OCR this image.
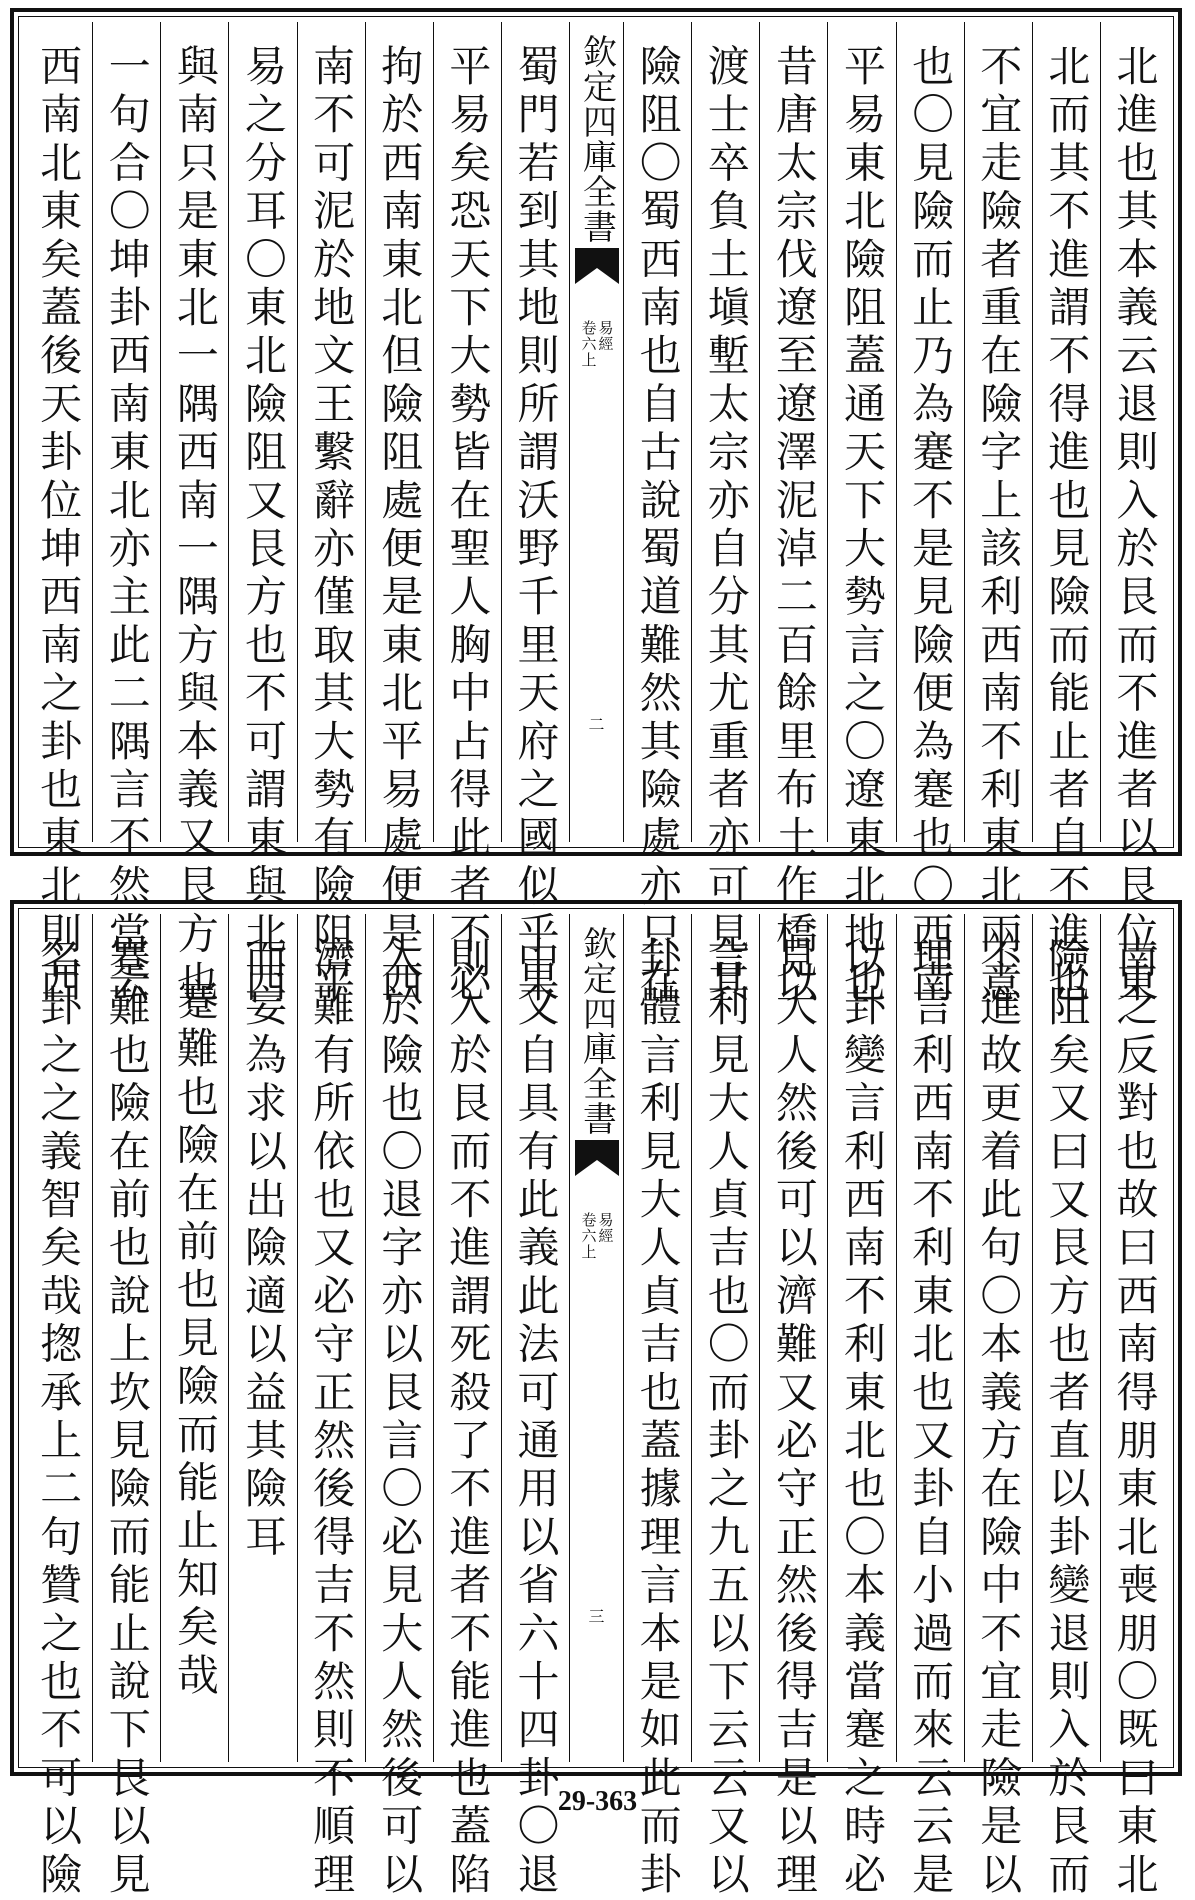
北進也其本義云退則入於艮而不進者以艮位東
北而其不進謂不得進也見險而能止者自不進也
不宜走險者重在險字上該利西南不利東北兩意
也〇見險而止乃為蹇不是見險便為蹇也〇西南
平易東北險阻蓋通天下大勢言之〇遼東北地也
昔唐太宗伐遼至遼澤泥淖二百餘里布土作橋以
渡士卒負土塡塹太宗亦自分其尤重者亦可見其
險阻〇蜀西南也自古說蜀道難然其險處亦只在
欽定四庫全書
易經
卷六上
二
蜀門若到其地則所謂沃野千里天府之國似乎果
平易矣恐天下大勢皆在聖人胸中占得此者不必
拘於西南東北但險阻處便是東北平易處便是西
南不可泥於地文王繫辭亦僅取其大勢有險阻平
易之分耳〇東北險阻又艮方也不可謂東與北西
與南只是東北一隅西南一隅方與本義又艮方也
一句合〇坤卦西南東北亦主此二隅言不然當云
西南北東矣蓋後天卦位坤西南之卦也東北則西
南之反對也故曰西南得朋東北喪朋〇既曰東北
險阻矣又曰又艮方也者直以卦變退則入於艮而
不進故更着此句〇本義方在險中不宜走險是以
理言利西南不利東北也又卦自小過而來云云是
以卦變言利西南不利東北也〇本義當蹇之時必
見大人然後可以濟難又必守正然後得吉是以理
言利見大人貞吉也〇而卦之九五以下云云又以
卦體言利見大人貞吉也蓋據理言本是如此而卦
欽定四庫全書
易經
卷六上
三
中又自具有此義此法可通用以省六十四卦〇退
則入於艮而不進謂死殺了不進者不能進也蓋陷
入於險也〇退字亦以艮言〇必見大人然後可以
濟難有所依也又必守正然後得吉不然則不順理
而妄為求以出險適以益其險耳
蹇難也險在前也見險而能止知矣哉
蹇難也險在前也說上坎見險而能止說下艮以見
名卦之之義智矣哉揔承上二句贊之也不可以險	29-363
